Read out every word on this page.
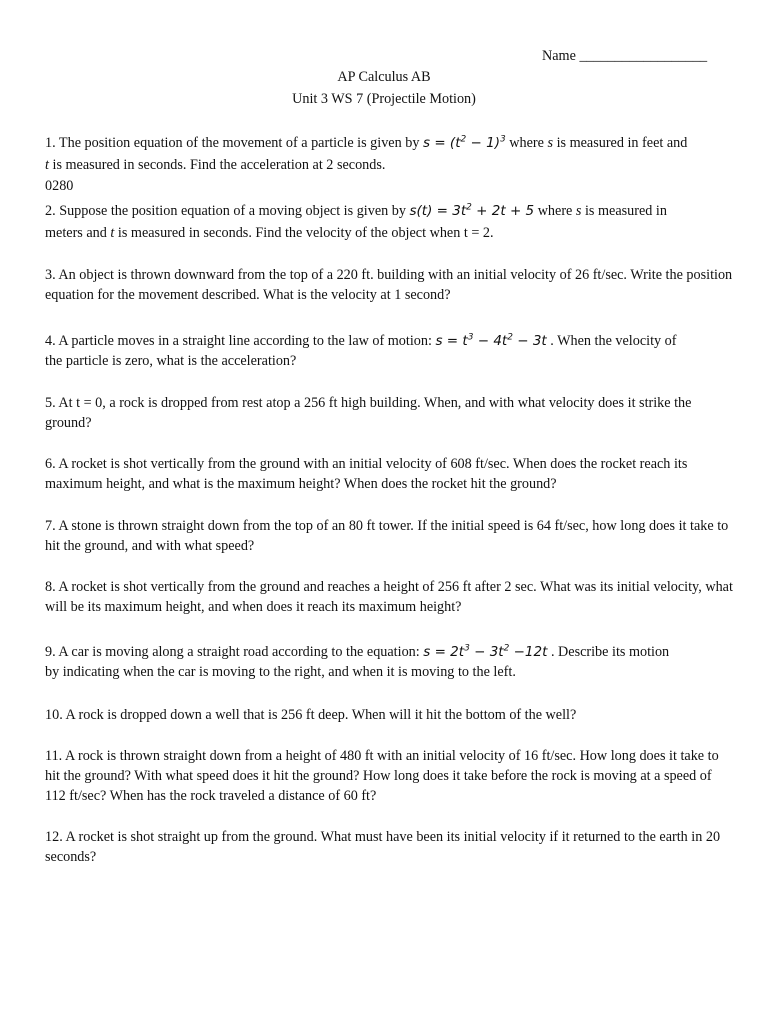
Name __________________
AP Calculus AB
Unit 3 WS 7 (Projectile Motion)
1. The position equation of the movement of a particle is given by $s = (t^2 - 1)^3$ where s is measured in feet and
t is measured in seconds. Find the acceleration at 2 seconds.
0280
2. Suppose the position equation of a moving object is given by $s(t) = 3t^2 + 2t + 5$ where s is measured in
meters and t is measured in seconds. Find the velocity of the object when t = 2.
3. An object is thrown downward from the top of a 220 ft. building with an initial velocity of 26 ft/sec. Write the position equation for the movement described. What is the velocity at 1 second?
4. A particle moves in a straight line according to the law of motion: $s = t^3 - 4t^2 - 3t$ . When the velocity of
the particle is zero, what is the acceleration?
5. At t = 0, a rock is dropped from rest atop a 256 ft high building. When, and with what velocity does it strike the ground?
6. A rocket is shot vertically from the ground with an initial velocity of 608 ft/sec. When does the rocket reach its maximum height, and what is the maximum height? When does the rocket hit the ground?
7. A stone is thrown straight down from the top of an 80 ft tower. If the initial speed is 64 ft/sec, how long does it take to hit the ground, and with what speed?
8. A rocket is shot vertically from the ground and reaches a height of 256 ft after 2 sec. What was its initial velocity, what will be its maximum height, and when does it reach its maximum height?
9. A car is moving along a straight road according to the equation: $s = 2t^3 - 3t^2 -12t$ . Describe its motion
by indicating when the car is moving to the right, and when it is moving to the left.
10. A rock is dropped down a well that is 256 ft deep. When will it hit the bottom of the well?
11. A rock is thrown straight down from a height of 480 ft with an initial velocity of 16 ft/sec. How long does it take to hit the ground? With what speed does it hit the ground? How long does it take before the rock is moving at a speed of 112 ft/sec? When has the rock traveled a distance of 60 ft?
12. A rocket is shot straight up from the ground. What must have been its initial velocity if it returned to the earth in 20 seconds?
